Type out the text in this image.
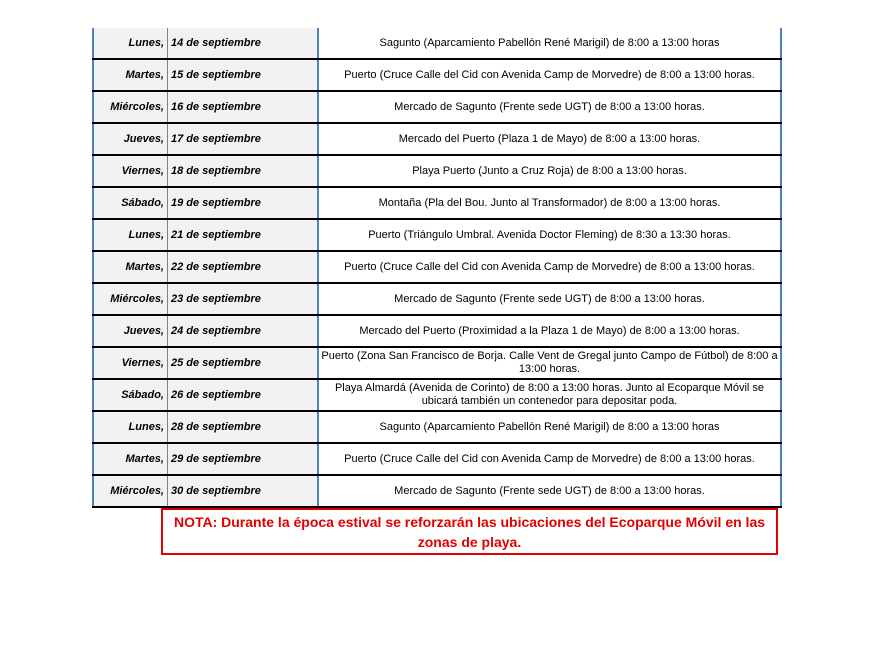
Lunes,	14 de septiembre	Sagunto (Aparcamiento Pabellón René Marigil) de 8:00 a 13:00 horas
Martes,	15 de septiembre	Puerto (Cruce Calle del Cid con Avenida Camp de Morvedre) de 8:00 a 13:00 horas.
Miércoles,	16 de septiembre	Mercado de Sagunto (Frente sede UGT) de 8:00 a 13:00 horas.
Jueves,	17 de septiembre	Mercado del Puerto (Plaza 1 de Mayo) de 8:00 a 13:00 horas.
Viernes,	18 de septiembre	Playa Puerto (Junto a Cruz Roja) de 8:00 a 13:00 horas.
Sábado,	19 de septiembre	Montaña (Pla del Bou. Junto al Transformador) de 8:00 a 13:00 horas.
Lunes,	21 de septiembre	Puerto (Triángulo Umbral. Avenida Doctor Fleming) de 8:30 a 13:30 horas.
Martes,	22 de septiembre	Puerto (Cruce Calle del Cid con Avenida Camp de Morvedre) de 8:00 a 13:00 horas.
Miércoles,	23 de septiembre	Mercado de Sagunto (Frente sede UGT) de 8:00 a 13:00 horas.
Jueves,	24 de septiembre	Mercado del Puerto (Proximidad a la Plaza 1 de Mayo) de 8:00 a 13:00 horas.
Viernes,	25 de septiembre	Puerto (Zona San Francisco de Borja. Calle Vent de Gregal junto Campo de Fútbol) de 8:00 a 13:00 horas.
Sábado,	26 de septiembre	Playa Almardá (Avenida de Corinto) de 8:00 a 13:00 horas. Junto al Ecoparque Móvil se ubicará también un contenedor para depositar poda.
Lunes,	28 de septiembre	Sagunto (Aparcamiento Pabellón René Marigil) de 8:00 a 13:00 horas
Martes,	29 de septiembre	Puerto (Cruce Calle del Cid con Avenida Camp de Morvedre) de 8:00 a 13:00 horas.
Miércoles,	30 de septiembre	Mercado de Sagunto (Frente sede UGT) de 8:00 a 13:00 horas.
NOTA: Durante la época estival se reforzarán las ubicaciones del Ecoparque Móvil en las zonas de playa.
